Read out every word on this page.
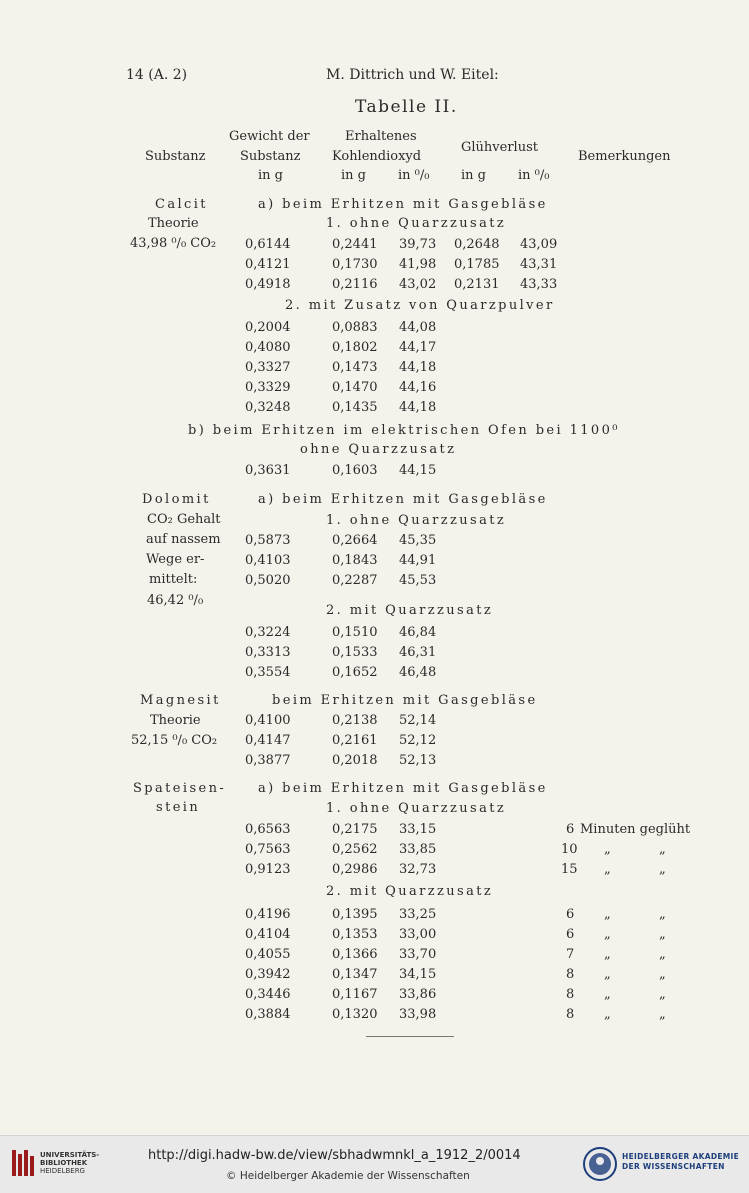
14 (A. 2)	M. Dittrich und W. Eitel:
Tabelle II.
Substanz
Gewicht der
Substanz
in g
Erhaltenes
Kohlendioxyd
in g in ⁰/₀
Glühverlust
in g in ⁰/₀
Bemerkungen
Calcit
Theorie
43,98 ⁰/₀ CO₂
a) beim Erhitzen mit Gasgebläse
1. ohne Quarzzusatz
0,6144	0,2441 39,73 0,2648 43,09
0,4121	0,1730 41,98 0,1785 43,31
0,4918	0,2116 43,02 0,2131 43,33
2. mit Zusatz von Quarzpulver
0,2004	0,0883 44,08
0,4080	0,1802 44,17
0,3327	0,1473 44,18
0,3329	0,1470 44,16
0,3248	0,1435 44,18
b) beim Erhitzen im elektrischen Ofen bei 1100⁰
ohne Quarzzusatz
0,3631	0,1603 44,15
Dolomit
CO₂ Gehalt
auf nassem
Wege er-
mittelt:
46,42 ⁰/₀
a) beim Erhitzen mit Gasgebläse
1. ohne Quarzzusatz
0,5873	0,2664 45,35
0,4103	0,1843 44,91
0,5020	0,2287 45,53
2. mit Quarzzusatz
0,3224	0,1510 46,84
0,3313	0,1533 46,31
0,3554	0,1652 46,48
Magnesit
Theorie
52,15 ⁰/₀ CO₂
beim Erhitzen mit Gasgebläse
0,4100	0,2138 52,14
0,4147	0,2161 52,12
0,3877	0,2018 52,13
Spateisen-
stein
a) beim Erhitzen mit Gasgebläse
1. ohne Quarzzusatz
0,6563	0,2175 33,15	6 Minuten geglüht
0,7563	0,2562 33,85	10 „	„
0,9123	0,2986 32,73	15 „	„
2. mit Quarzzusatz
0,4196	0,1395 33,25	6 „	„
0,4104	0,1353 33,00	6 „	„
0,4055	0,1366 33,70	7 „	„
0,3942	0,1347 34,15	8 „	„
0,3446	0,1167 33,86	8 „	„
0,3884	0,1320 33,98	8 „	„
UNIVERSITÄTS-
BIBLIOTHEK
HEIDELBERG
http://digi.hadw-bw.de/view/sbhadwmnkl_a_1912_2/0014
© Heidelberger Akademie der Wissenschaften
HEIDELBERGER AKADEMIE
DER WISSENSCHAFTEN
